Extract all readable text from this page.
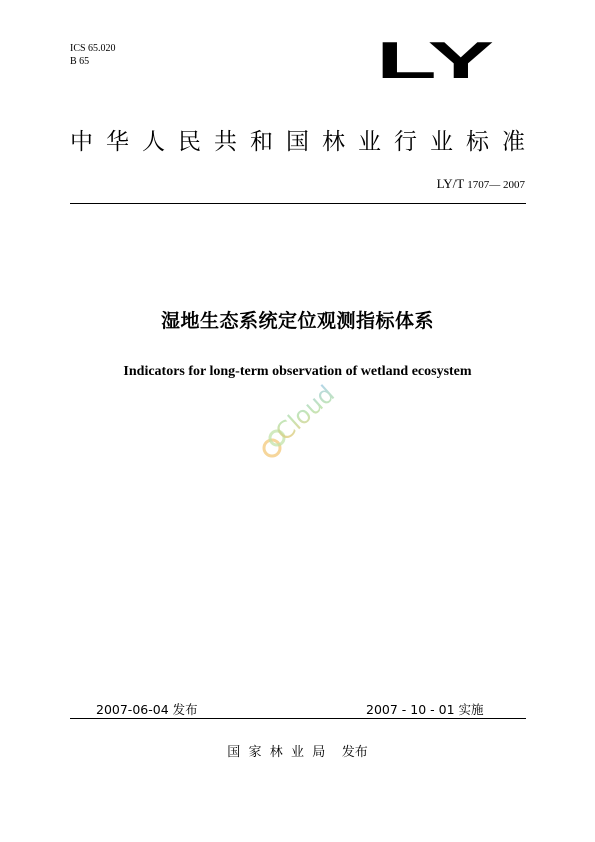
ICS 65.020
B 65	LY
中 华 人 民 共 和 国 林 业 行 业 标 准
LY/T 1707— 2007
湿地生态系统定位观测指标体系
Indicators for long-term observation of wetland ecosystem
Cloud
2007-06-04 发布	2007 - 10 - 01 实施
国  家  林  业  局    发布
